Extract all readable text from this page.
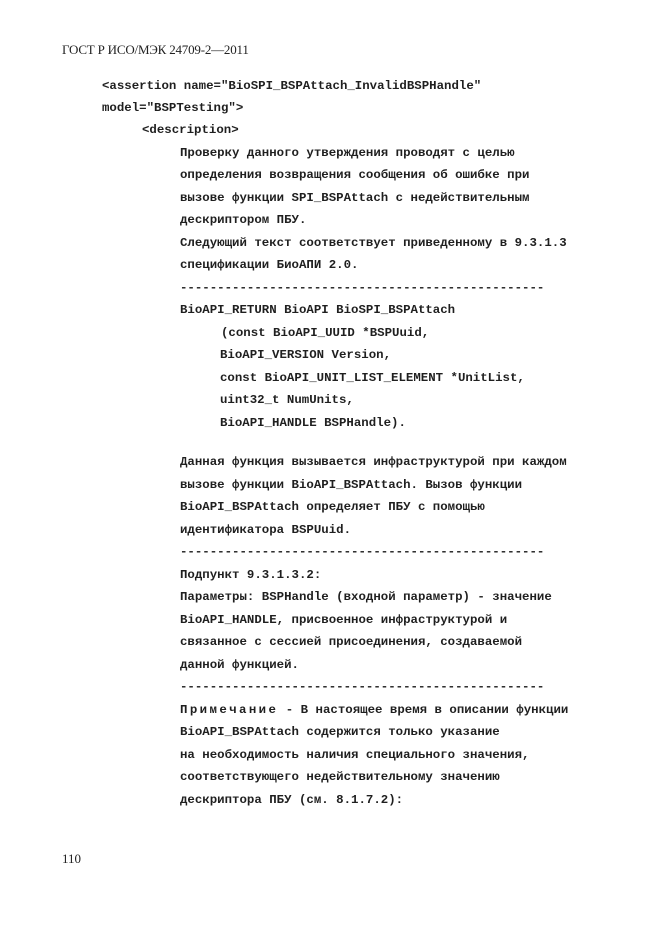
ГОСТ Р ИСО/МЭК 24709-2—2011
<assertion name="BioSPI_BSPAttach_InvalidBSPHandle"
model="BSPTesting">
<description>
Проверку данного утверждения проводят с целью
определения возвращения сообщения об ошибке при
вызове функции SPI_BSPAttach с недействительным
дескриптором ПБУ.
Следующий текст соответствует приведенному в 9.3.1.3
спецификации БиоАПИ 2.0.
-------------------------------------------------
BioAPI_RETURN BioAPI BioSPI_BSPAttach
(const BioAPI_UUID *BSPUuid,
BioAPI_VERSION Version,
const BioAPI_UNIT_LIST_ELEMENT *UnitList,
uint32_t NumUnits,
BioAPI_HANDLE BSPHandle).
Данная функция вызывается инфраструктурой при каждом
вызове функции BioAPI_BSPAttach. Вызов функции
BioAPI_BSPAttach определяет ПБУ с помощью
идентификатора BSPUuid.
-------------------------------------------------
Подпункт 9.3.1.3.2:
Параметры: BSPHandle (входной параметр) - значение
BioAPI_HANDLE, присвоенное инфраструктурой и
связанное с сессией присоединения, создаваемой
данной функцией.
-------------------------------------------------
Примечание - В настоящее время в описании функции
BioAPI_BSPAttach содержится только указание
на необходимость наличия специального значения,
соответствующего недействительному значению
дескриптора ПБУ (см. 8.1.7.2):
110
